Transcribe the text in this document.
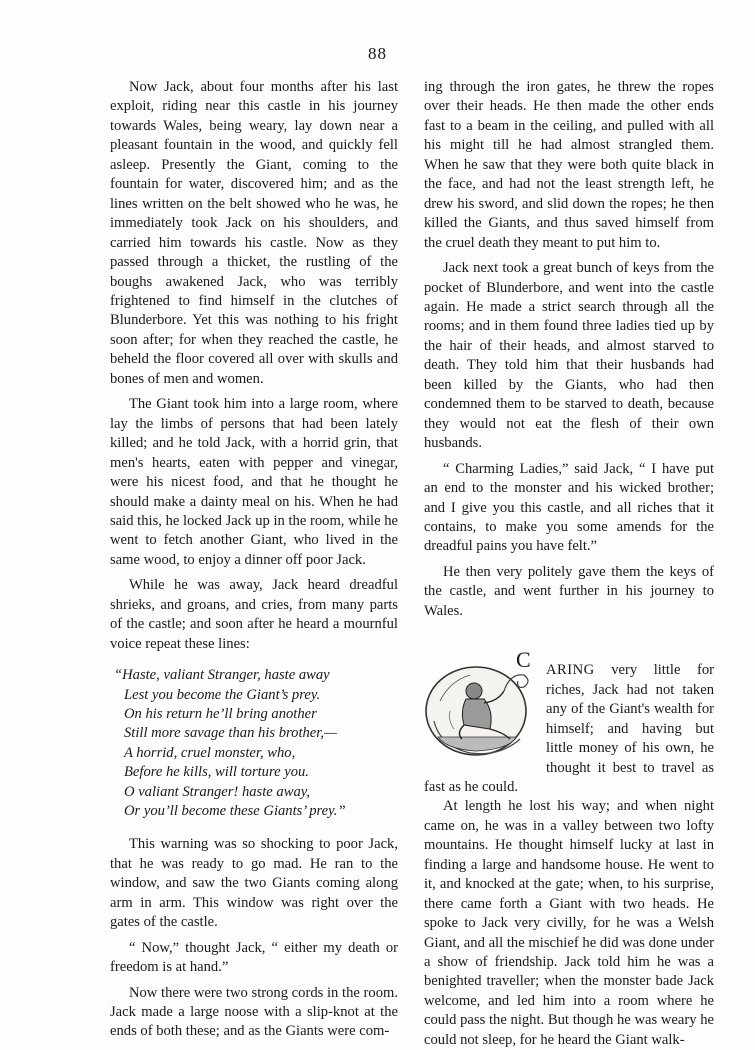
88

Now Jack, about four months after his last exploit, riding near this castle in his journey towards Wales, being weary, lay down near a pleasant fountain in the wood, and quickly fell asleep. Presently the Giant, coming to the fountain for water, discovered him; and as the lines written on the belt showed who he was, he immediately took Jack on his shoulders, and carried him towards his castle. Now as they passed through a thicket, the rustling of the boughs awakened Jack, who was terribly frightened to find himself in the clutches of Blunderbore. Yet this was nothing to his fright soon after; for when they reached the castle, he beheld the floor covered all over with skulls and bones of men and women.

The Giant took him into a large room, where lay the limbs of persons that had been lately killed; and he told Jack, with a horrid grin, that men's hearts, eaten with pepper and vinegar, were his nicest food, and that he thought he should make a dainty meal on his. When he had said this, he locked Jack up in the room, while he went to fetch another Giant, who lived in the same wood, to enjoy a dinner off poor Jack.

While he was away, Jack heard dreadful shrieks, and groans, and cries, from many parts of the castle; and soon after he heard a mournful voice repeat these lines:

“Haste, valiant Stranger, haste away
Lest you become the Giant’s prey.
On his return he’ll bring another
Still more savage than his brother,—
A horrid, cruel monster, who,
Before he kills, will torture you.
O valiant Stranger! haste away,
Or you’ll become these Giants’ prey.”

This warning was so shocking to poor Jack, that he was ready to go mad. He ran to the window, and saw the two Giants coming along arm in arm. This window was right over the gates of the castle.

“ Now,” thought Jack, “ either my death or freedom is at hand.”

Now there were two strong cords in the room. Jack made a large noose with a slip-knot at the ends of both these; and as the Giants were com-

ing through the iron gates, he threw the ropes over their heads. He then made the other ends fast to a beam in the ceiling, and pulled with all his might till he had almost strangled them. When he saw that they were both quite black in the face, and had not the least strength left, he drew his sword, and slid down the ropes; he then killed the Giants, and thus saved himself from the cruel death they meant to put him to.

Jack next took a great bunch of keys from the pocket of Blunderbore, and went into the castle again. He made a strict search through all the rooms; and in them found three ladies tied up by the hair of their heads, and almost starved to death. They told him that their husbands had been killed by the Giants, who had then condemned them to be starved to death, because they would not eat the flesh of their own husbands.

“ Charming Ladies,” said Jack, “ I have put an end to the monster and his wicked brother; and I give you this castle, and all riches that it contains, to make you some amends for the dreadful pains you have felt.”

He then very politely gave them the keys of the castle, and went further in his journey to Wales.

C	ARING very little for riches, Jack had not taken any of the Giant's wealth for himself; and having but little money of his own, he thought it best to travel as fast as he could.

At length he lost his way; and when night came on, he was in a valley between two lofty mountains. He thought himself lucky at last in finding a large and handsome house. He went to it, and knocked at the gate; when, to his surprise, there came forth a Giant with two heads. He spoke to Jack very civilly, for he was a Welsh Giant, and all the mischief he did was done under a show of friendship. Jack told him he was a benighted traveller; when the monster bade Jack welcome, and led him into a room where he could pass the night. But though he was weary he could not sleep, for he heard the Giant walk-
